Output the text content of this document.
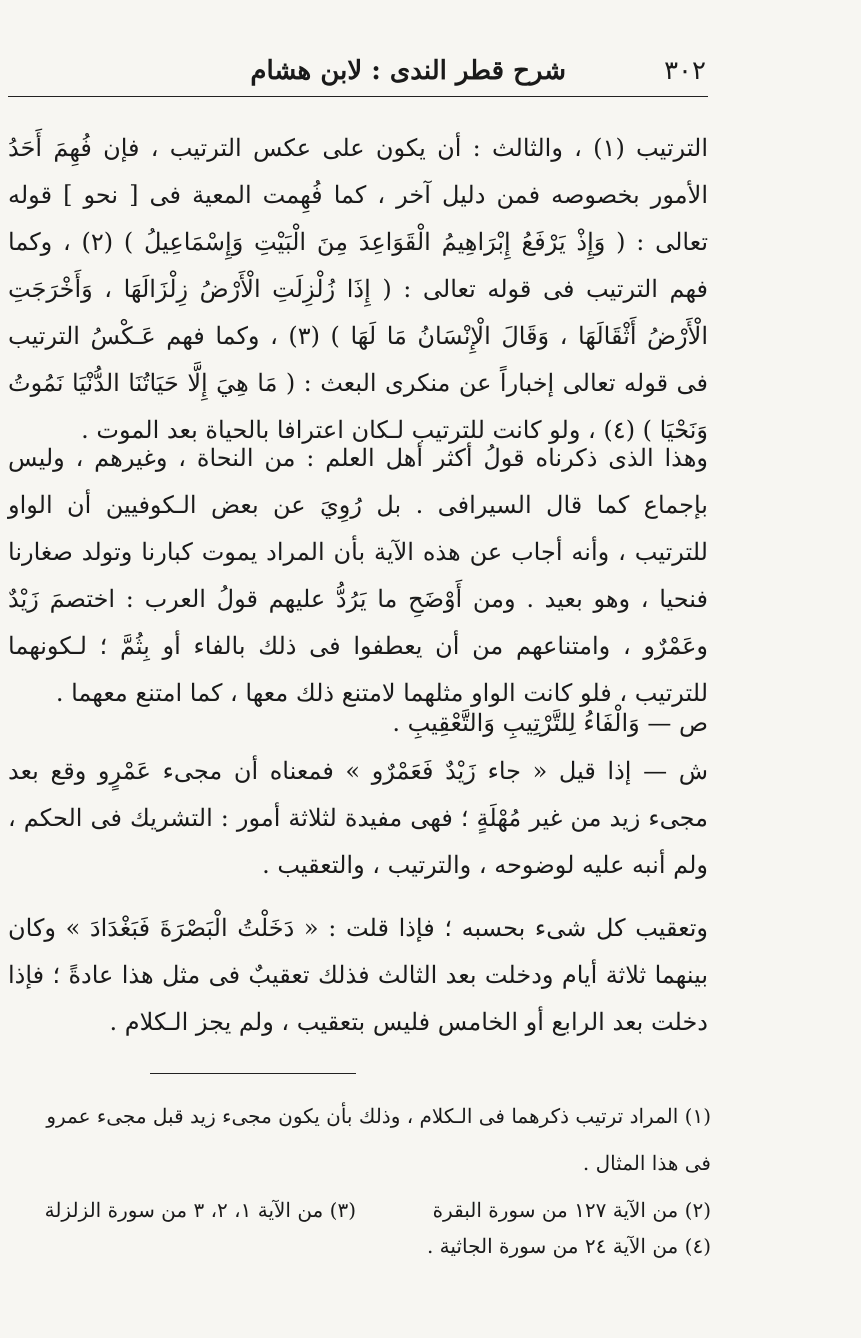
٣٠٢
شرح قطر الندى : لابن هشام

الترتيب (١) ، والثالث : أن يكون على عكس الترتيب ، فإن فُهِمَ أَحَدُ الأمور بخصوصه فمن دليل آخر ، كما فُهِمت المعية فى [ نحو ] قوله تعالى : ( وَإِذْ يَرْفَعُ إِبْرَاهِيمُ الْقَوَاعِدَ مِنَ الْبَيْتِ وَإِسْمَاعِيلُ ) (٢) ، وكما فهم الترتيب فى قوله تعالى : ( إِذَا زُلْزِلَتِ الْأَرْضُ زِلْزَالَهَا ، وَأَخْرَجَتِ الْأَرْضُ أَثْقَالَهَا ، وَقَالَ الْإِنْسَانُ مَا لَهَا ) (٣) ، وكما فهم عَـكْسُ الترتيب فى قوله تعالى إخباراً عن منكرى البعث : ( مَا هِيَ إِلَّا حَيَاتُنَا الدُّنْيَا نَمُوتُ وَنَحْيَا ) (٤) ، ولو كانت للترتيب لـكان اعترافا بالحياة بعد الموت .

وهذا الذى ذكرناه قولُ أكثر أهل العلم : من النحاة ، وغيرهم ، وليس بإجماع كما قال السيرافى . بل رُوِيَ عن بعض الـكوفيين أن الواو للترتيب ، وأنه أجاب عن هذه الآية بأن المراد يموت كبارنا وتولد صغارنا فنحيا ، وهو بعيد . ومن أَوْضَحِ ما يَرُدُّ عليهم قولُ العرب : اختصمَ زَيْدٌ وعَمْرٌو ، وامتناعهم من أن يعطفوا فى ذلك بالفاء أو بِثُمَّ ؛ لـكونهما للترتيب ، فلو كانت الواو مثلهما لامتنع ذلك معها ، كما امتنع معهما .

ص — وَالْفَاءُ لِلتَّرْتِيبِ وَالتَّعْقِيبِ .

ش — إذا قيل « جاء زَيْدٌ فَعَمْرٌو » فمعناه أن مجىء عَمْرٍو وقع بعد مجىء زيد من غير مُهْلَةٍ ؛ فهى مفيدة لثلاثة أمور : التشريك فى الحكم ، ولم أنبه عليه لوضوحه ، والترتيب ، والتعقيب .

وتعقيب كل شىء بحسبه ؛ فإذا قلت : « دَخَلْتُ الْبَصْرَةَ فَبَغْدَادَ » وكان بينهما ثلاثة أيام ودخلت بعد الثالث فذلك تعقيبٌ فى مثل هذا عادةً ؛ فإذا دخلت بعد الرابع أو الخامس فليس بتعقيب ، ولم يجز الـكلام .

(١) المراد ترتيب ذكرهما فى الـكلام ، وذلك بأن يكون مجىء زيد قبل مجىء عمرو
فى هذا المثال .
(٢) من الآية ١٢٧ من سورة البقرة
(٣) من الآية ١، ٢، ٣ من سورة الزلزلة
(٤) من الآية ٢٤ من سورة الجاثية .
